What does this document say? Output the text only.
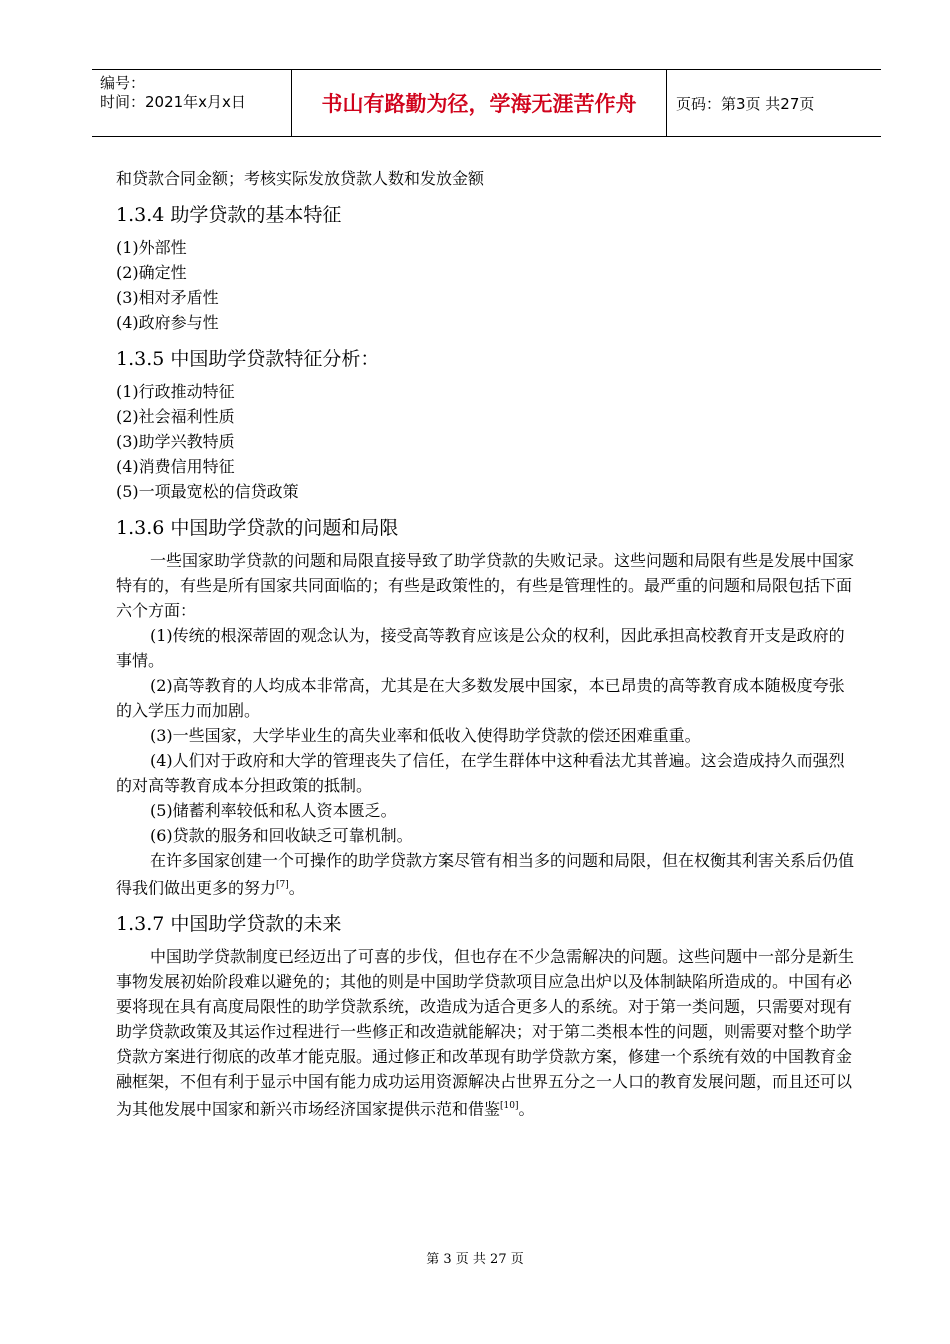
编号：
时间：2021年x月x日	书山有路勤为径，学海无涯苦作舟	页码：第3页 共27页

和贷款合同金额；考核实际发放贷款人数和发放金额

1.3.4 助学贷款的基本特征

(1)外部性

(2)确定性

(3)相对矛盾性

(4)政府参与性

1.3.5 中国助学贷款特征分析：

(1)行政推动特征

(2)社会福利性质

(3)助学兴教特质

(4)消费信用特征

(5)一项最宽松的信贷政策

1.3.6 中国助学贷款的问题和局限

一些国家助学贷款的问题和局限直接导致了助学贷款的失败记录。这些问题和局限有些是发展中国家特有的，有些是所有国家共同面临的；有些是政策性的，有些是管理性的。最严重的问题和局限包括下面六个方面：

(1)传统的根深蒂固的观念认为，接受高等教育应该是公众的权利，因此承担高校教育开支是政府的事情。

(2)高等教育的人均成本非常高，尤其是在大多数发展中国家，本已昂贵的高等教育成本随极度夸张的入学压力而加剧。

(3)一些国家，大学毕业生的高失业率和低收入使得助学贷款的偿还困难重重。

(4)人们对于政府和大学的管理丧失了信任，在学生群体中这种看法尤其普遍。这会造成持久而强烈的对高等教育成本分担政策的抵制。

(5)储蓄利率较低和私人资本匮乏。

(6)贷款的服务和回收缺乏可靠机制。

在许多国家创建一个可操作的助学贷款方案尽管有相当多的问题和局限，但在权衡其利害关系后仍值得我们做出更多的努力[7]。

1.3.7 中国助学贷款的未来

中国助学贷款制度已经迈出了可喜的步伐，但也存在不少急需解决的问题。这些问题中一部分是新生事物发展初始阶段难以避免的；其他的则是中国助学贷款项目应急出炉以及体制缺陷所造成的。中国有必要将现在具有高度局限性的助学贷款系统，改造成为适合更多人的系统。对于第一类问题，只需要对现有助学贷款政策及其运作过程进行一些修正和改造就能解决；对于第二类根本性的问题，则需要对整个助学贷款方案进行彻底的改革才能克服。通过修正和改革现有助学贷款方案，修建一个系统有效的中国教育金融框架，不但有利于显示中国有能力成功运用资源解决占世界五分之一人口的教育发展问题，而且还可以为其他发展中国家和新兴市场经济国家提供示范和借鉴[10]。

第 3 页 共 27 页
